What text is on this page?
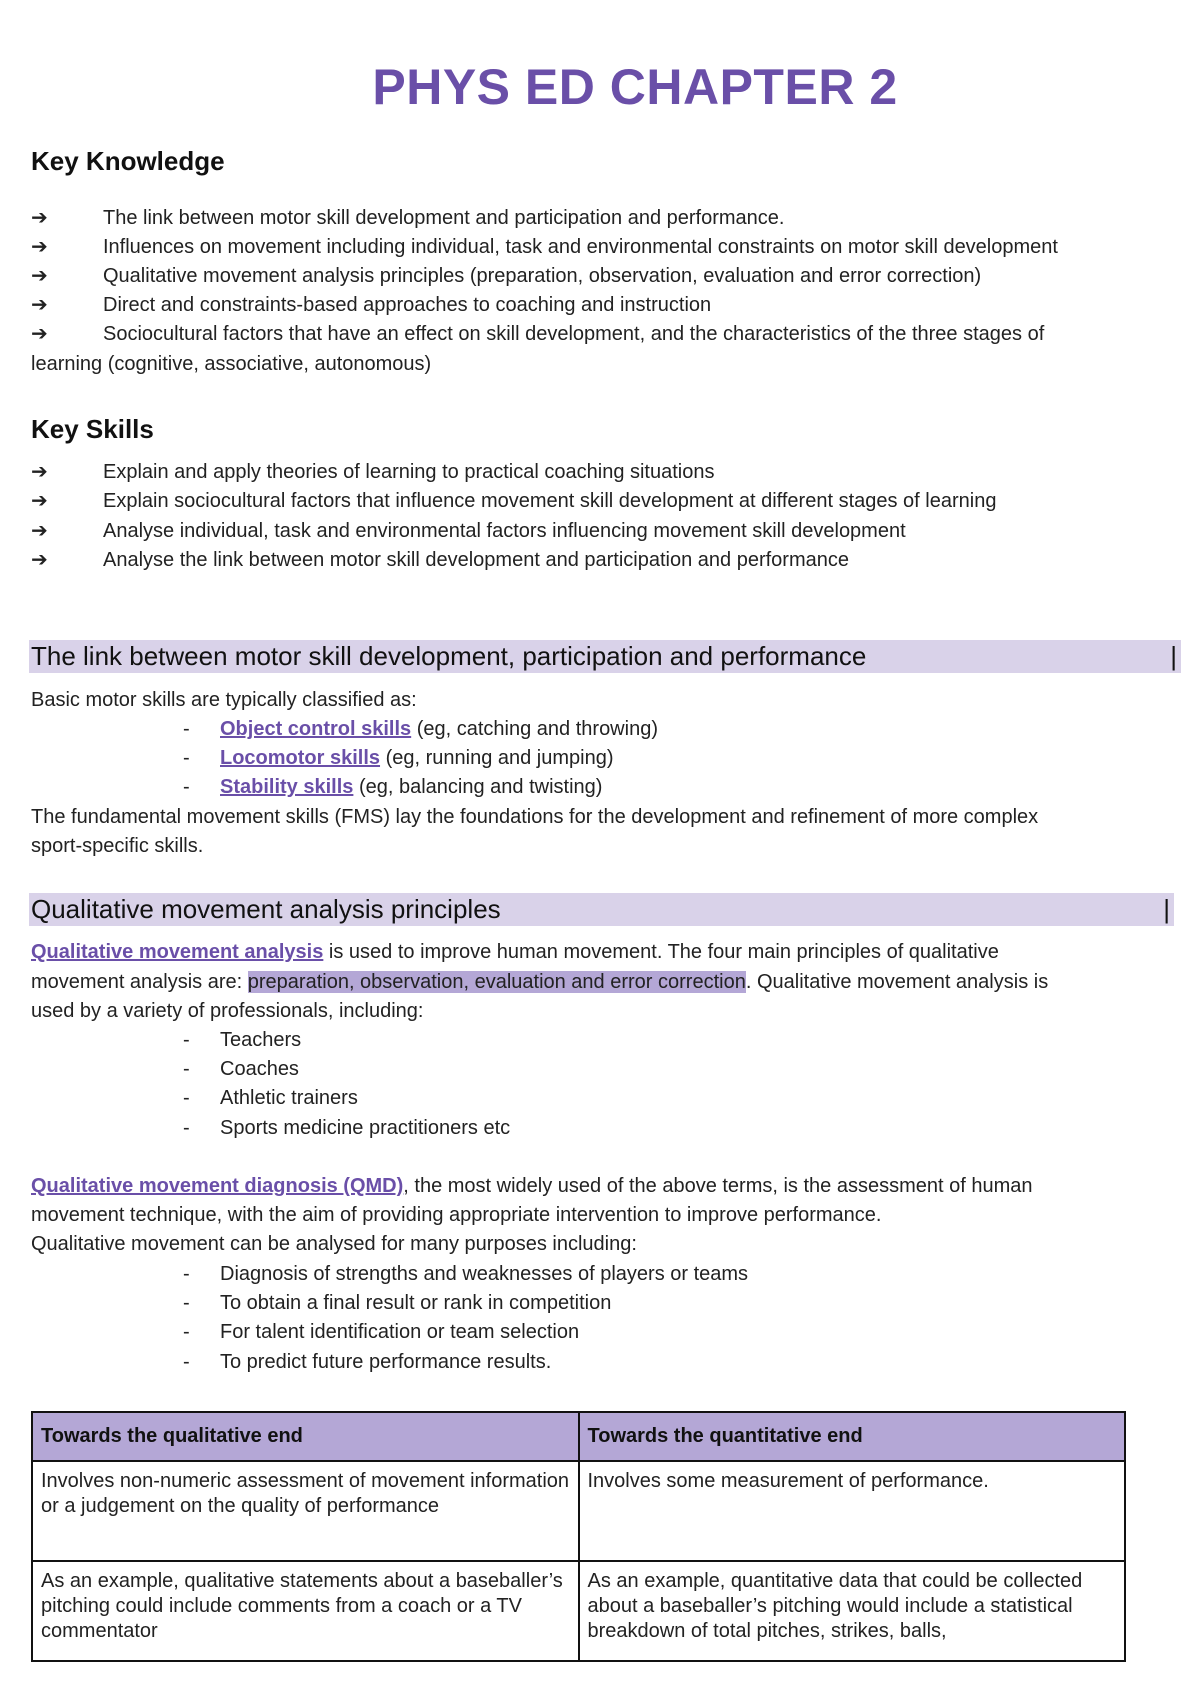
PHYS ED CHAPTER 2
Key Knowledge
➔	The link between motor skill development and participation and performance.
➔	Influences on movement including individual, task and environmental constraints on motor skill development
➔	Qualitative movement analysis principles (preparation, observation, evaluation and error correction)
➔	Direct and constraints-based approaches to coaching and instruction
➔	Sociocultural factors that have an effect on skill development, and the characteristics of the three stages of
learning (cognitive, associative, autonomous)
Key Skills
➔	Explain and apply theories of learning to practical coaching situations
➔	Explain sociocultural factors that influence movement skill development at different stages of learning
➔	Analyse individual, task and environmental factors influencing movement skill development
➔	Analyse the link between motor skill development and participation and performance
The link between motor skill development, participation and performance	|
Basic motor skills are typically classified as:
- Object control skills (eg, catching and throwing)
- Locomotor skills (eg, running and jumping)
- Stability skills (eg, balancing and twisting)
The fundamental movement skills (FMS) lay the foundations for the development and refinement of more complex
sport-specific skills.
Qualitative movement analysis principles	|
Qualitative movement analysis is used to improve human movement. The four main principles of qualitative
movement analysis are: preparation, observation, evaluation and error correction. Qualitative movement analysis is
used by a variety of professionals, including:
- Teachers
- Coaches
- Athletic trainers
- Sports medicine practitioners etc
Qualitative movement diagnosis (QMD), the most widely used of the above terms, is the assessment of human
movement technique, with the aim of providing appropriate intervention to improve performance.
Qualitative movement can be analysed for many purposes including:
- Diagnosis of strengths and weaknesses of players or teams
- To obtain a final result or rank in competition
- For talent identification or team selection
- To predict future performance results.
Towards the qualitative end	Towards the quantitative end
Involves non-numeric assessment of movement information or a judgement on the quality of performance	Involves some measurement of performance.
As an example, qualitative statements about a baseballer’s pitching could include comments from a coach or a TV commentator	As an example, quantitative data that could be collected about a baseballer’s pitching would include a statistical breakdown of total pitches, strikes, balls,
